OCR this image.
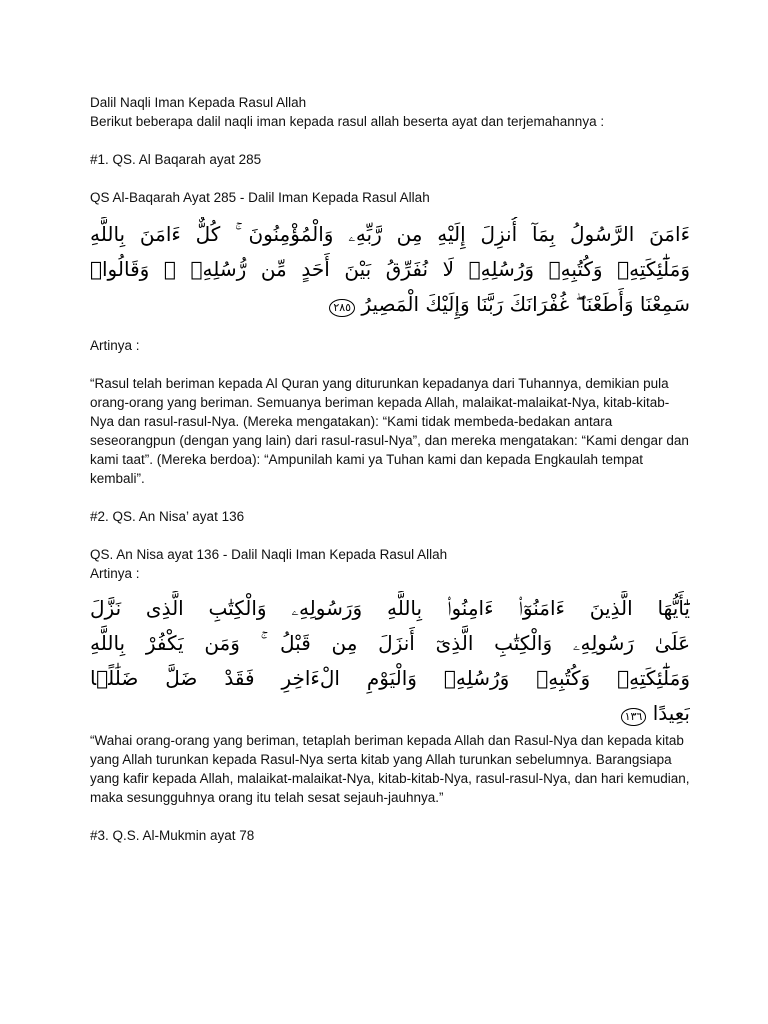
Dalil Naqli Iman Kepada Rasul Allah

Berikut beberapa dalil naqli iman kepada rasul allah beserta ayat dan terjemahannya :

#1. QS. Al Baqarah ayat 285

QS Al-Baqarah Ayat 285 - Dalil Iman Kepada Rasul Allah

ءَامَنَ الرَّسُولُ بِمَآ أُنزِلَ إِلَيْهِ مِن رَّبِّهِۦ وَالْمُؤْمِنُونَ ۚ كُلٌّ ءَامَنَ بِاللَّهِ
وَمَلَٰٓئِكَتِهِۦ وَكُتُبِهِۦ وَرُسُلِهِۦ لَا نُفَرِّقُ بَيْنَ أَحَدٍ مِّن رُّسُلِهِۦ ۚ وَقَالُوا۟
سَمِعْنَا وَأَطَعْنَا ۖ غُفْرَانَكَ رَبَّنَا وَإِلَيْكَ الْمَصِيرُ ٢٨٥

Artinya :

“Rasul telah beriman kepada Al Quran yang diturunkan kepadanya dari Tuhannya, demikian pula orang-orang yang beriman. Semuanya beriman kepada Allah, malaikat-malaikat-Nya, kitab-kitab-Nya dan rasul-rasul-Nya. (Mereka mengatakan): “Kami tidak membeda-bedakan antara seseorangpun (dengan yang lain) dari rasul-rasul-Nya”, dan mereka mengatakan: “Kami dengar dan kami taat”. (Mereka berdoa): “Ampunilah kami ya Tuhan kami dan kepada Engkaulah tempat kembali”.

#2. QS. An Nisa’ ayat 136

QS. An Nisa ayat 136 - Dalil Naqli Iman Kepada Rasul Allah

Artinya :

يَٰٓأَيُّهَا الَّذِينَ ءَامَنُوٓا۟ ءَامِنُوا۟ بِاللَّهِ وَرَسُولِهِۦ وَالْكِتَٰبِ الَّذِى نَزَّلَ
عَلَىٰ رَسُولِهِۦ وَالْكِتَٰبِ الَّذِىٓ أَنزَلَ مِن قَبْلُ ۚ وَمَن يَكْفُرْ بِاللَّهِ
وَمَلَٰٓئِكَتِهِۦ وَكُتُبِهِۦ وَرُسُلِهِۦ وَالْيَوْمِ الْءَاخِرِ فَقَدْ ضَلَّ ضَلَٰلًۢا
بَعِيدًا ١٣٦

“Wahai orang-orang yang beriman, tetaplah beriman kepada Allah dan Rasul-Nya dan kepada kitab yang Allah turunkan kepada Rasul-Nya serta kitab yang Allah turunkan sebelumnya. Barangsiapa yang kafir kepada Allah, malaikat-malaikat-Nya, kitab-kitab-Nya, rasul-rasul-Nya, dan hari kemudian, maka sesungguhnya orang itu telah sesat sejauh-jauhnya.”

#3. Q.S. Al-Mukmin ayat 78
